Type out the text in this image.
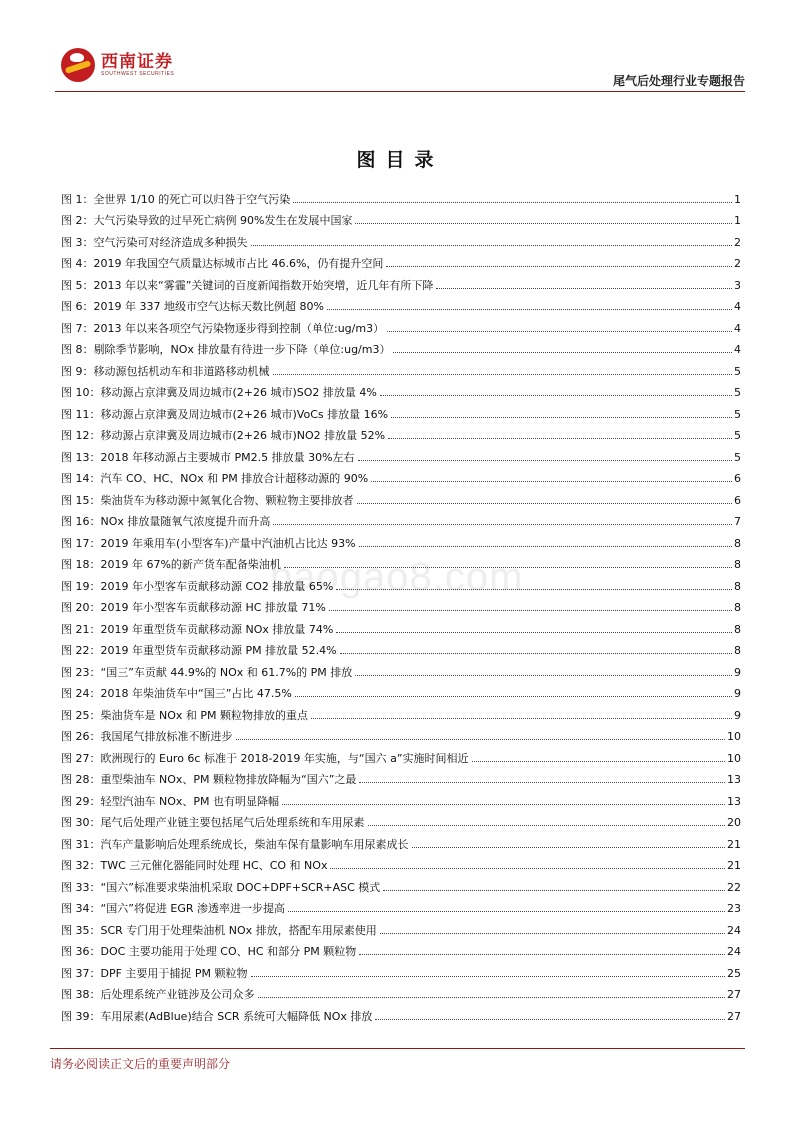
西南证券
SOUTHWEST SECURITIES	尾气后处理行业专题报告
图目录
baogao8.com
图 1： 全世界 1/10 的死亡可以归咎于空气污染	1
图 2： 大气污染导致的过早死亡病例 90%发生在发展中国家	1
图 3： 空气污染可对经济造成多种损失	2
图 4： 2019 年我国空气质量达标城市占比 46.6%，仍有提升空间	2
图 5： 2013 年以来“雾霾”关键词的百度新闻指数开始突增，近几年有所下降	3
图 6： 2019 年 337 地级市空气达标天数比例超 80%	4
图 7： 2013 年以来各项空气污染物逐步得到控制（单位:ug/m3）	4
图 8： 剔除季节影响，NOx 排放量有待进一步下降（单位:ug/m3）	4
图 9： 移动源包括机动车和非道路移动机械	5
图 10： 移动源占京津冀及周边城市(2+26 城市)SO2 排放量 4%	5
图 11： 移动源占京津冀及周边城市(2+26 城市)VoCs 排放量 16%	5
图 12： 移动源占京津冀及周边城市(2+26 城市)NO2 排放量 52%	5
图 13： 2018 年移动源占主要城市 PM2.5 排放量 30%左右	5
图 14： 汽车 CO、HC、NOx 和 PM 排放合计超移动源的 90%	6
图 15： 柴油货车为移动源中氮氧化合物、颗粒物主要排放者	6
图 16： NOx 排放量随氧气浓度提升而升高	7
图 17： 2019 年乘用车(小型客车)产量中汽油机占比达 93%	8
图 18： 2019 年 67%的新产货车配备柴油机	8
图 19： 2019 年小型客车贡献移动源 CO2 排放量 65%	8
图 20： 2019 年小型客车贡献移动源 HC 排放量 71%	8
图 21： 2019 年重型货车贡献移动源 NOx 排放量 74%	8
图 22： 2019 年重型货车贡献移动源 PM 排放量 52.4%	8
图 23： “国三”车贡献 44.9%的 NOx 和 61.7%的 PM 排放	9
图 24： 2018 年柴油货车中“国三”占比 47.5%	9
图 25： 柴油货车是 NOx 和 PM 颗粒物排放的重点	9
图 26： 我国尾气排放标准不断进步	10
图 27： 欧洲现行的 Euro 6c 标准于 2018-2019 年实施，与“国六 a”实施时间相近	10
图 28： 重型柴油车 NOx、PM 颗粒物排放降幅为“国六”之最	13
图 29： 轻型汽油车 NOx、PM 也有明显降幅	13
图 30： 尾气后处理产业链主要包括尾气后处理系统和车用尿素	20
图 31： 汽车产量影响后处理系统成长，柴油车保有量影响车用尿素成长	21
图 32： TWC 三元催化器能同时处理 HC、CO 和 NOx	21
图 33： “国六”标准要求柴油机采取 DOC+DPF+SCR+ASC 模式	22
图 34： “国六”将促进 EGR 渗透率进一步提高	23
图 35： SCR 专门用于处理柴油机 NOx 排放，搭配车用尿素使用	24
图 36： DOC 主要功能用于处理 CO、HC 和部分 PM 颗粒物	24
图 37： DPF 主要用于捕捉 PM 颗粒物	25
图 38： 后处理系统产业链涉及公司众多	27
图 39： 车用尿素(AdBlue)结合 SCR 系统可大幅降低 NOx 排放	27
请务必阅读正文后的重要声明部分
